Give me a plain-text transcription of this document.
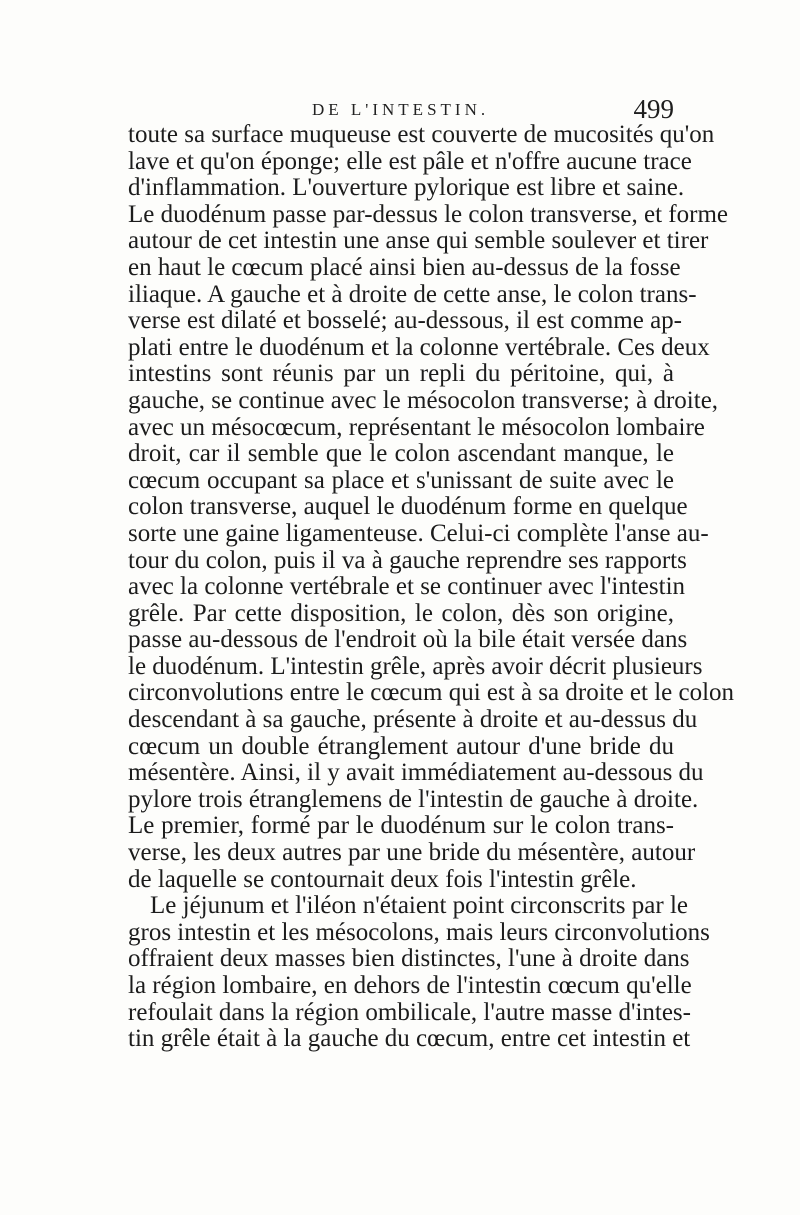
DE L'INTESTIN.	499
toute sa surface muqueuse est couverte de mucosités qu'on
lave et qu'on éponge; elle est pâle et n'offre aucune trace
d'inflammation. L'ouverture pylorique est libre et saine.
Le duodénum passe par-dessus le colon transverse, et forme
autour de cet intestin une anse qui semble soulever et tirer
en haut le cœcum placé ainsi bien au-dessus de la fosse
iliaque. A gauche et à droite de cette anse, le colon trans-
verse est dilaté et bosselé; au-dessous, il est comme ap-
plati entre le duodénum et la colonne vertébrale. Ces deux
intestins sont réunis par un repli du péritoine, qui, à
gauche, se continue avec le mésocolon transverse; à droite,
avec un mésocœcum, représentant le mésocolon lombaire
droit, car il semble que le colon ascendant manque, le
cœcum occupant sa place et s'unissant de suite avec le
colon transverse, auquel le duodénum forme en quelque
sorte une gaine ligamenteuse. Celui-ci complète l'anse au-
tour du colon, puis il va à gauche reprendre ses rapports
avec la colonne vertébrale et se continuer avec l'intestin
grêle. Par cette disposition, le colon, dès son origine,
passe au-dessous de l'endroit où la bile était versée dans
le duodénum. L'intestin grêle, après avoir décrit plusieurs
circonvolutions entre le cœcum qui est à sa droite et le colon
descendant à sa gauche, présente à droite et au-dessus du
cœcum un double étranglement autour d'une bride du
mésentère. Ainsi, il y avait immédiatement au-dessous du
pylore trois étranglemens de l'intestin de gauche à droite.
Le premier, formé par le duodénum sur le colon trans-
verse, les deux autres par une bride du mésentère, autour
de laquelle se contournait deux fois l'intestin grêle.
Le jéjunum et l'iléon n'étaient point circonscrits par le
gros intestin et les mésocolons, mais leurs circonvolutions
offraient deux masses bien distinctes, l'une à droite dans
la région lombaire, en dehors de l'intestin cœcum qu'elle
refoulait dans la région ombilicale, l'autre masse d'intes-
tin grêle était à la gauche du cœcum, entre cet intestin et
